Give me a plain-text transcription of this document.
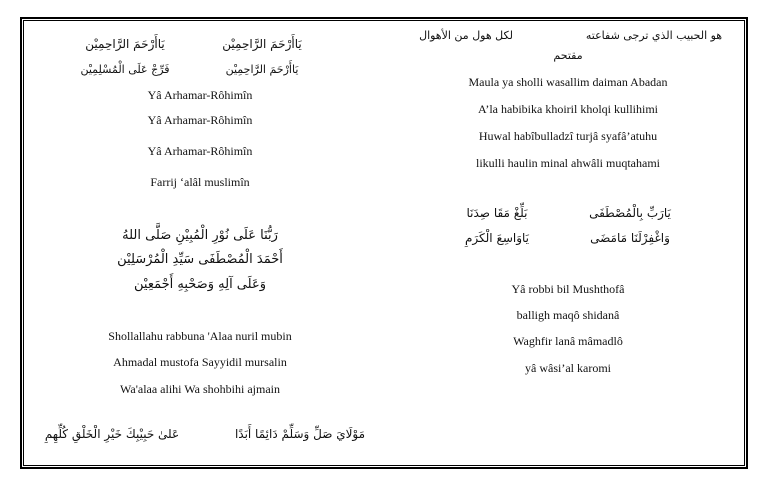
يَاأَرْحَمَ الرَّاحِمِيْن	يَاأَرْحَمَ الرَّاحِمِيْن
فَرِّجْ عَلَى الْمُسْلِمِيْن	يَاأَرْحَمَ الرَّاحِمِيْن
Yâ Arhamar-Rôhimîn
Yâ Arhamar-Rôhimîn
Yâ Arhamar-Rôhimîn
Farrij ‘alâl muslimîn
رَبُّنَا عَلَى نُوْرِ الْمُبِيْنِ صَلَّى اللهُ
أَحْمَدَ الْمُصْطَفَى سَيِّدِ الْمُرْسَلِيْن
وَعَلَى آلِهِ وَصَحْبِهِ أَجْمَعِيْن
Shollallahu rabbuna 'Alaa nuril mubin
Ahmadal mustofa Sayyidil mursalin
Wa'alaa alihi Wa shohbihi ajmain
مَوْلَايَ صَلِّ وَسَلِّمْ دَائِمًا أَبَدًا
عَلىٰ حَبِيْبِكَ خَيْرِ الْخَلْقِ كُلِّهِمِ
هو الحبيب الذي ترجى شفاعته
لكل هول من الأهوال
مقتحم
Maula ya sholli wasallim daiman Abadan
A’la habibika khoiril kholqi kullihimi
Huwal habîbulladzî turjâ syafâ’atuhu
likulli haulin minal ahwâli muqtahami
يَارَبِّ بِالْمُصْطَفَى
بَلِّغْ مَقَا صِدَنَا
وَاغْفِرْلَنَا مَامَضَى
يَاوَاسِعَ الْكَرَمِ
Yâ robbi bil Mushthofâ
balligh maqô shidanâ
Waghfir lanâ mâmadlô
yâ wâsi’al karomi
